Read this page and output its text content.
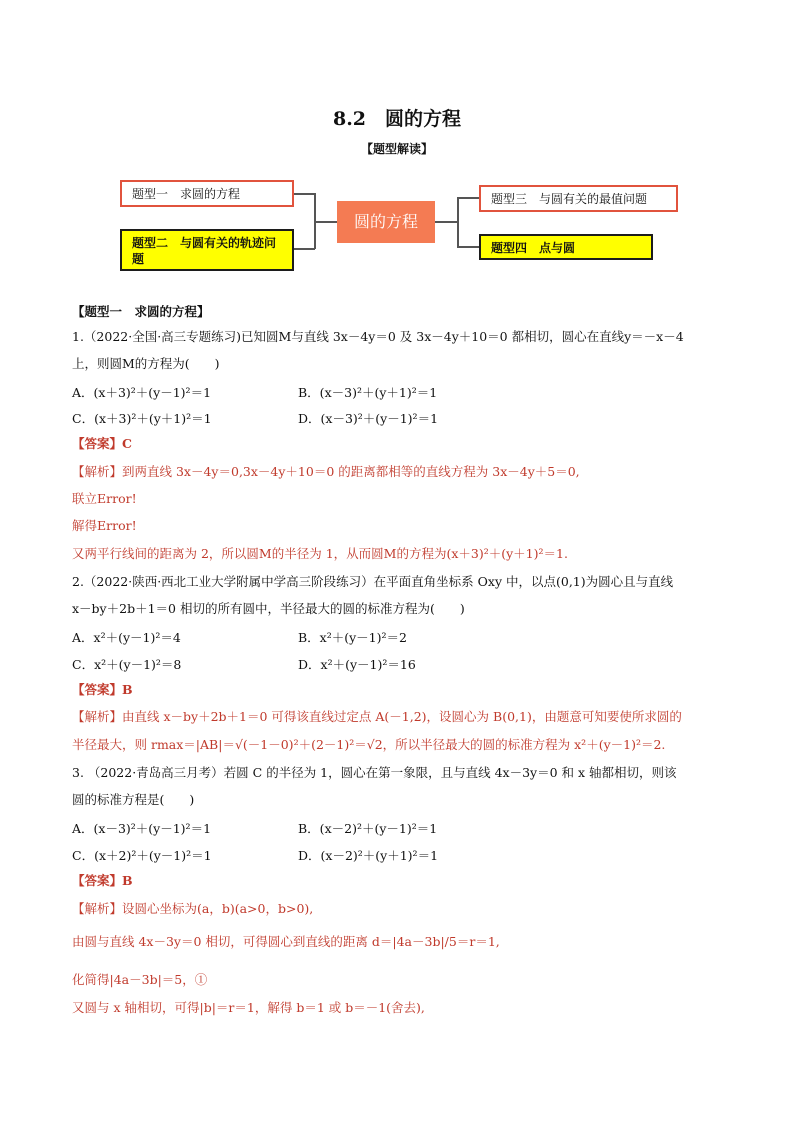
8.2　圆的方程
【题型解读】
题型一　求圆的方程
题型二　与圆有关的轨迹问题
圆的方程
题型三　与圆有关的最值问题
题型四　点与圆
【题型一　求圆的方程】
1.（2022·全国·高三专题练习)已知圆M与直线 3x－4y＝0 及 3x－4y＋10＝0 都相切，圆心在直线y＝－x－4
上，则圆M的方程为(　　)
A．(x＋3)²＋(y－1)²＝1	B．(x－3)²＋(y＋1)²＝1
C．(x＋3)²＋(y＋1)²＝1	D．(x－3)²＋(y－1)²＝1
【答案】C
【解析】到两直线 3x－4y＝0,3x－4y＋10＝0 的距离都相等的直线方程为 3x－4y＋5＝0,
联立Error!
解得Error!
又两平行线间的距离为 2，所以圆M的半径为 1，从而圆M的方程为(x＋3)²＋(y＋1)²＝1.
2.（2022·陕西·西北工业大学附属中学高三阶段练习）在平面直角坐标系 Oxy 中，以点(0,1)为圆心且与直线
x－by＋2b＋1＝0 相切的所有圆中，半径最大的圆的标准方程为(　　)
A．x²＋(y－1)²＝4	B．x²＋(y－1)²＝2
C．x²＋(y－1)²＝8	D．x²＋(y－1)²＝16
【答案】B
【解析】由直线 x－by＋2b＋1＝0 可得该直线过定点 A(－1,2)，设圆心为 B(0,1)，由题意可知要使所求圆的
半径最大，则 rmax＝|AB|＝√(－1－0)²＋(2－1)²＝√2，所以半径最大的圆的标准方程为 x²＋(y－1)²＝2.
3. （2022·青岛高三月考）若圆 C 的半径为 1，圆心在第一象限，且与直线 4x－3y＝0 和 x 轴都相切，则该
圆的标准方程是(　　)
A．(x－3)²＋(y－1)²＝1	B．(x－2)²＋(y－1)²＝1
C．(x＋2)²＋(y－1)²＝1	D．(x－2)²＋(y＋1)²＝1
【答案】B
【解析】设圆心坐标为(a，b)(a>0，b>0),
由圆与直线 4x－3y＝0 相切，可得圆心到直线的距离 d＝|4a－3b|/5＝r＝1,
化简得|4a－3b|＝5，①
又圆与 x 轴相切，可得|b|＝r＝1，解得 b＝1 或 b＝－1(舍去),
